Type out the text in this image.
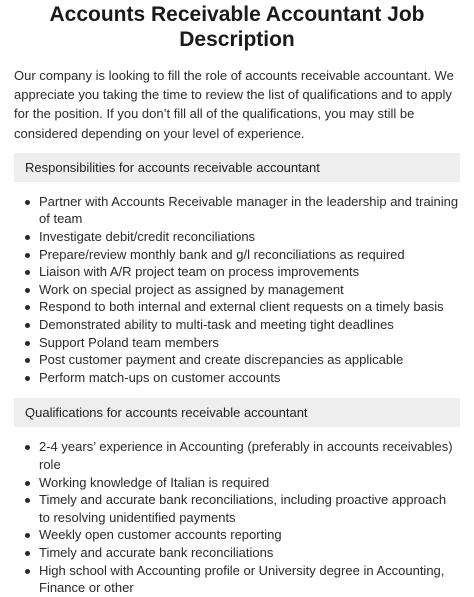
Accounts Receivable Accountant Job
Description

Our company is looking to fill the role of accounts receivable accountant. We appreciate you taking the time to review the list of qualifications and to apply for the position. If you don’t fill all of the qualifications, you may still be considered depending on your level of experience.

Responsibilities for accounts receivable accountant
Partner with Accounts Receivable manager in the leadership and training of team
Investigate debit/credit reconciliations
Prepare/review monthly bank and g/l reconciliations as required
Liaison with A/R project team on process improvements
Work on special project as assigned by management
Respond to both internal and external client requests on a timely basis
Demonstrated ability to multi-task and meeting tight deadlines
Support Poland team members
Post customer payment and create discrepancies as applicable
Perform match-ups on customer accounts
Qualifications for accounts receivable accountant
2-4 years’ experience in Accounting (preferably in accounts receivables) role
Working knowledge of Italian is required
Timely and accurate bank reconciliations, including proactive approach to resolving unidentified payments
Weekly open customer accounts reporting
Timely and accurate bank reconciliations
High school with Accounting profile or University degree in Accounting, Finance or other
